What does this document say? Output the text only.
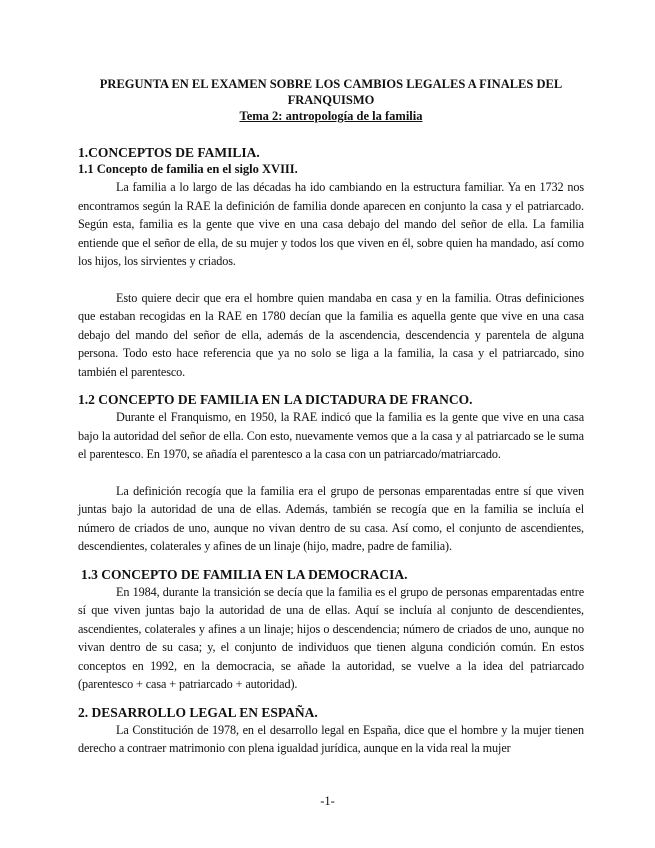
PREGUNTA EN EL EXAMEN SOBRE LOS CAMBIOS LEGALES A FINALES DEL FRANQUISMO
Tema 2: antropología de la familia
1.CONCEPTOS DE FAMILIA.
1.1 Concepto de familia en el siglo XVIII.

La familia a lo largo de las décadas ha ido cambiando en la estructura familiar. Ya en 1732 nos encontramos según la RAE la definición de familia donde aparecen en conjunto la casa y el patriarcado. Según esta, familia es la gente que vive en una casa debajo del mando del señor de ella. La familia entiende que el señor de ella, de su mujer y todos los que viven en él, sobre quien ha mandado, así como los hijos, los sirvientes y criados.

Esto quiere decir que era el hombre quien mandaba en casa y en la familia. Otras definiciones que estaban recogidas en la RAE en 1780 decían que la familia es aquella gente que vive en una casa debajo del mando del señor de ella, además de la ascendencia, descendencia y parentela de alguna persona. Todo esto hace referencia que ya no solo se liga a la familia, la casa y el patriarcado, sino también el parentesco.

1.2 CONCEPTO DE FAMILIA EN LA DICTADURA DE FRANCO.

Durante el Franquismo, en 1950, la RAE indicó que la familia es la gente que vive en una casa bajo la autoridad del señor de ella. Con esto, nuevamente vemos que a la casa y al patriarcado se le suma el parentesco. En 1970, se añadía el parentesco a la casa con un patriarcado/matriarcado.

La definición recogía que la familia era el grupo de personas emparentadas entre sí que viven juntas bajo la autoridad de una de ellas. Además, también se recogía que en la familia se incluía el número de criados de uno, aunque no vivan dentro de su casa. Así como, el conjunto de ascendientes, descendientes, colaterales y afines de un linaje (hijo, madre, padre de familia).

1.3 CONCEPTO DE FAMILIA EN LA DEMOCRACIA.

En 1984, durante la transición se decía que la familia es el grupo de personas emparentadas entre sí que viven juntas bajo la autoridad de una de ellas. Aquí se incluía al conjunto de descendientes, ascendientes, colaterales y afines a un linaje; hijos o descendencia; número de criados de uno, aunque no vivan dentro de su casa; y, el conjunto de individuos que tienen alguna condición común. En estos conceptos en 1992, en la democracia, se añade la autoridad, se vuelve a la idea del patriarcado (parentesco + casa + patriarcado + autoridad).

2. DESARROLLO LEGAL EN ESPAÑA.

La Constitución de 1978, en el desarrollo legal en España, dice que el hombre y la mujer tienen derecho a contraer matrimonio con plena igualdad jurídica, aunque en la vida real la mujer

-1-
